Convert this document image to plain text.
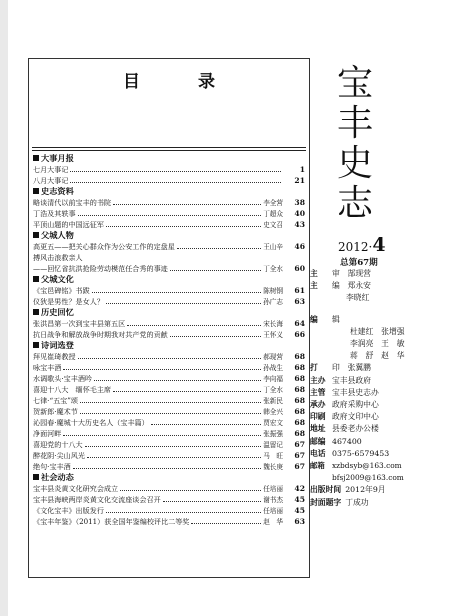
目 录
大事月报
七月大事记	1
八月大事记	21
史志资料
略谈清代以前宝丰的书院	李全营	38
丁浩及其轶事	丁超众	40
平顶山题的中国远征军	史文召	43
父城人物
高更五——把关心群众作为公安工作的定盘星	王山辛	46
搏风击浪救亲人
——回忆省抗洪抢险劳动模范任合秀的事迹	丁全水	60
父城文化
《宝邑碑铭》书跋	陈树钢	61
仪狄是男性？是女人？	孙广志	63
历史回忆
张洪昌第一次到宝丰县第五区	宋长海	64
抗日战争和解放战争时期我对共产党的贡献	王怀义	66
诗词选登
拜见崔琦教授	郝现营	68
咏宝丰酒	孙战生	68
水调歌头·宝丰酒吟	李向福	68
喜迎十八大　缅怀毛主席	丁全水	68
七律·“五宝”颂	张新民	68
贺新郎·魔术节	韩全兴	68
沁园春·魔城十大历史名人（宝丰篇）	贾宏文	68
净面河畔	张振强	68
喜迎党的十八大	温留记	67
醉花阴·尖山风光	马　旺	67
绝句·宝丰酒	魏长庚	67
社会动态
宝丰县炎黄文化研究会成立	任培丽	42
宝丰县海峡两岸炎黄文化交流座谈会召开	谢书杰	45
《文化宝丰》出版发行	任培丽	45
《宝丰年鉴》（2011）获全国年鉴编校评比二等奖	赵　华	63
宝
丰
史
志
2012·4
总第67期
主 审　郜现营
主 编　郑永安
李晓红
编 辑
杜建红　张增强
李润亮　王　敏
蒋　舒　赵　华
打 印　张翼鹏
主办 宝丰县政府
主管 宝丰县史志办
承办 政府采购中心
印刷 政府文印中心
地址 县委老办公楼
邮编 467400
电话 0375-6579453
邮箱 xzbdsyb@163.com
bfsj2009@163.com
出版时间 2012年9月
封面题字 丁成功
